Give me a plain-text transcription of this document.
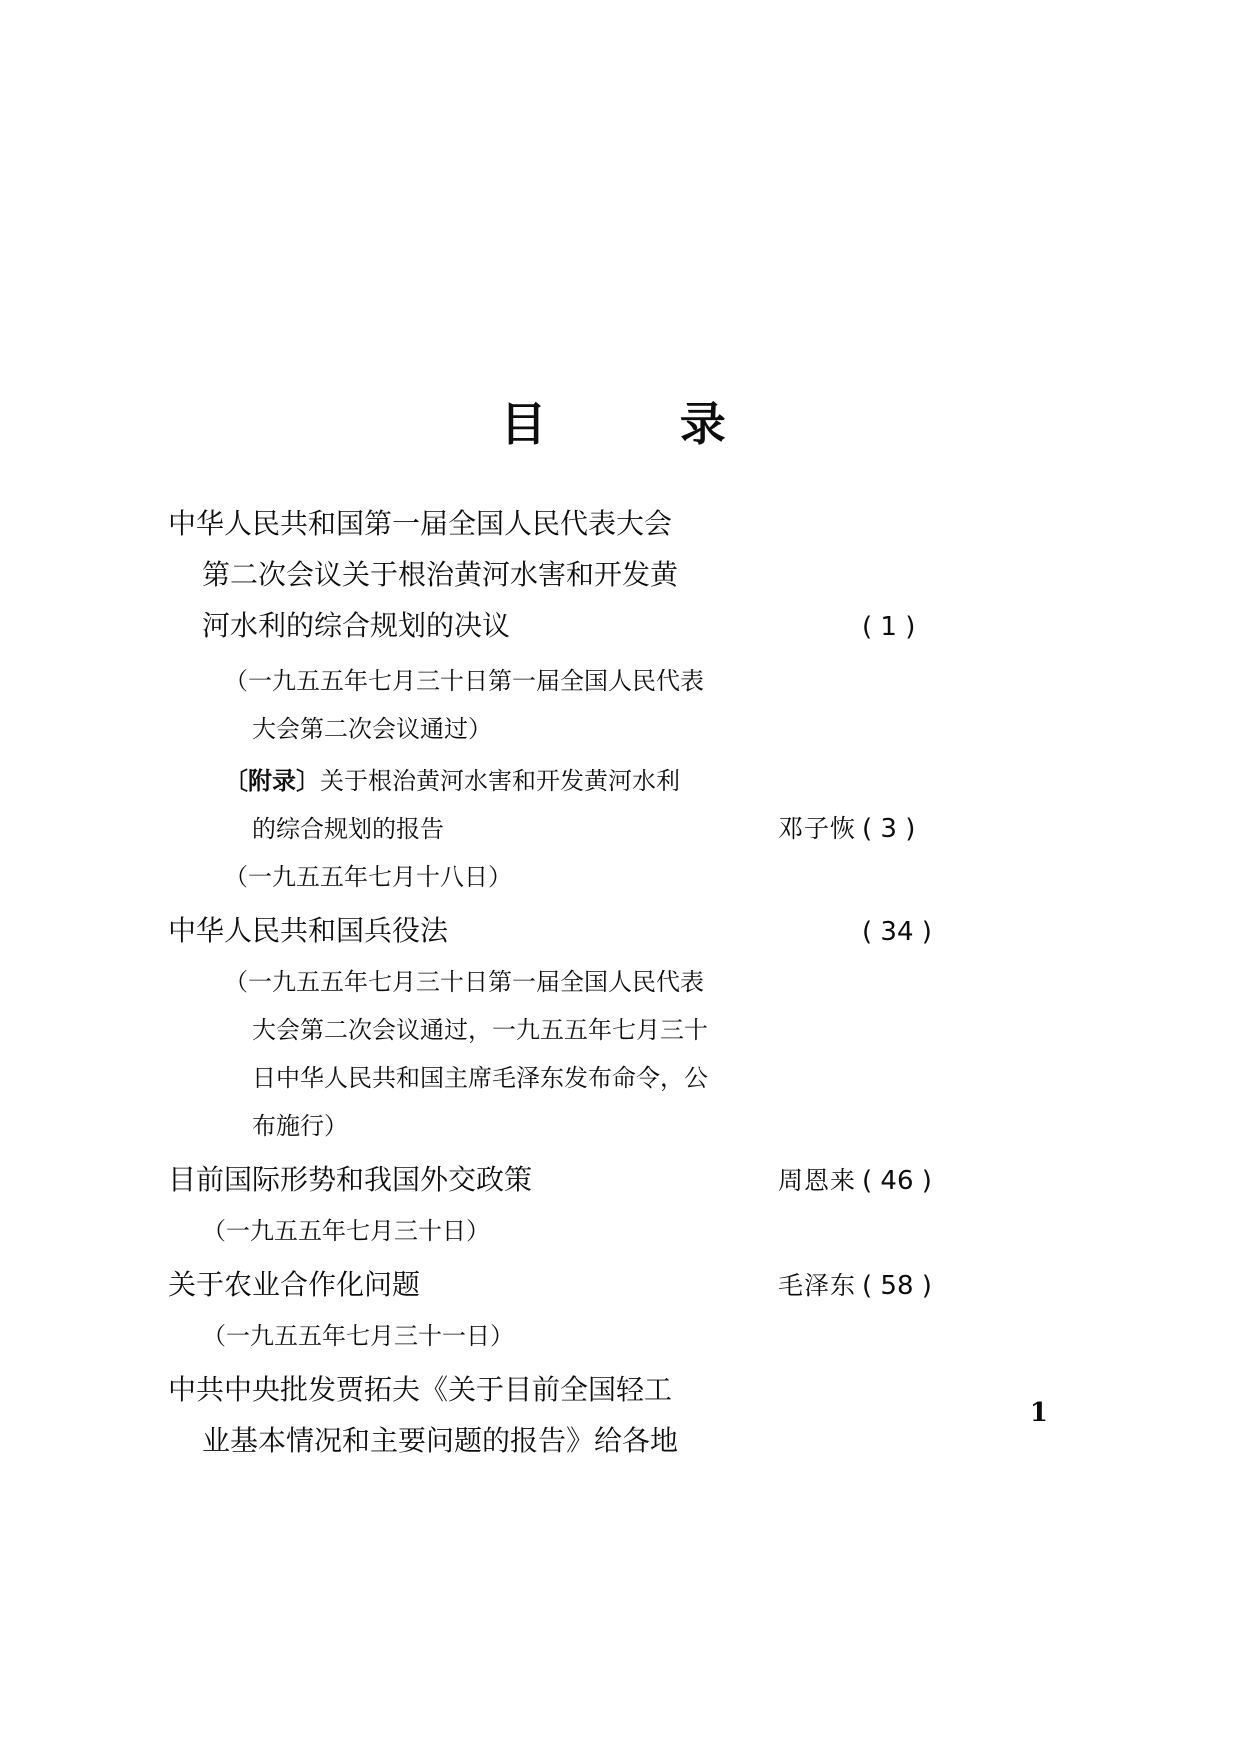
目　　录
中华人民共和国第一届全国人民代表大会
第二次会议关于根治黄河水害和开发黄
河水利的综合规划的决议 ·····	( 1 )
（一九五五年七月三十日第一届全国人民代表
大会第二次会议通过）
〔附录〕关于根治黄河水害和开发黄河水利
的综合规划的报告 ·····	邓子恢 ( 3 )
（一九五五年七月十八日）
中华人民共和国兵役法 ·····	( 34 )
（一九五五年七月三十日第一届全国人民代表
大会第二次会议通过，一九五五年七月三十
日中华人民共和国主席毛泽东发布命令，公
布施行）
目前国际形势和我国外交政策 ·····	周恩来 ( 46 )
（一九五五年七月三十日）
关于农业合作化问题 ·····	毛泽东 ( 58 )
（一九五五年七月三十一日）
中共中央批发贾拓夫《关于目前全国轻工
业基本情况和主要问题的报告》给各地
1
